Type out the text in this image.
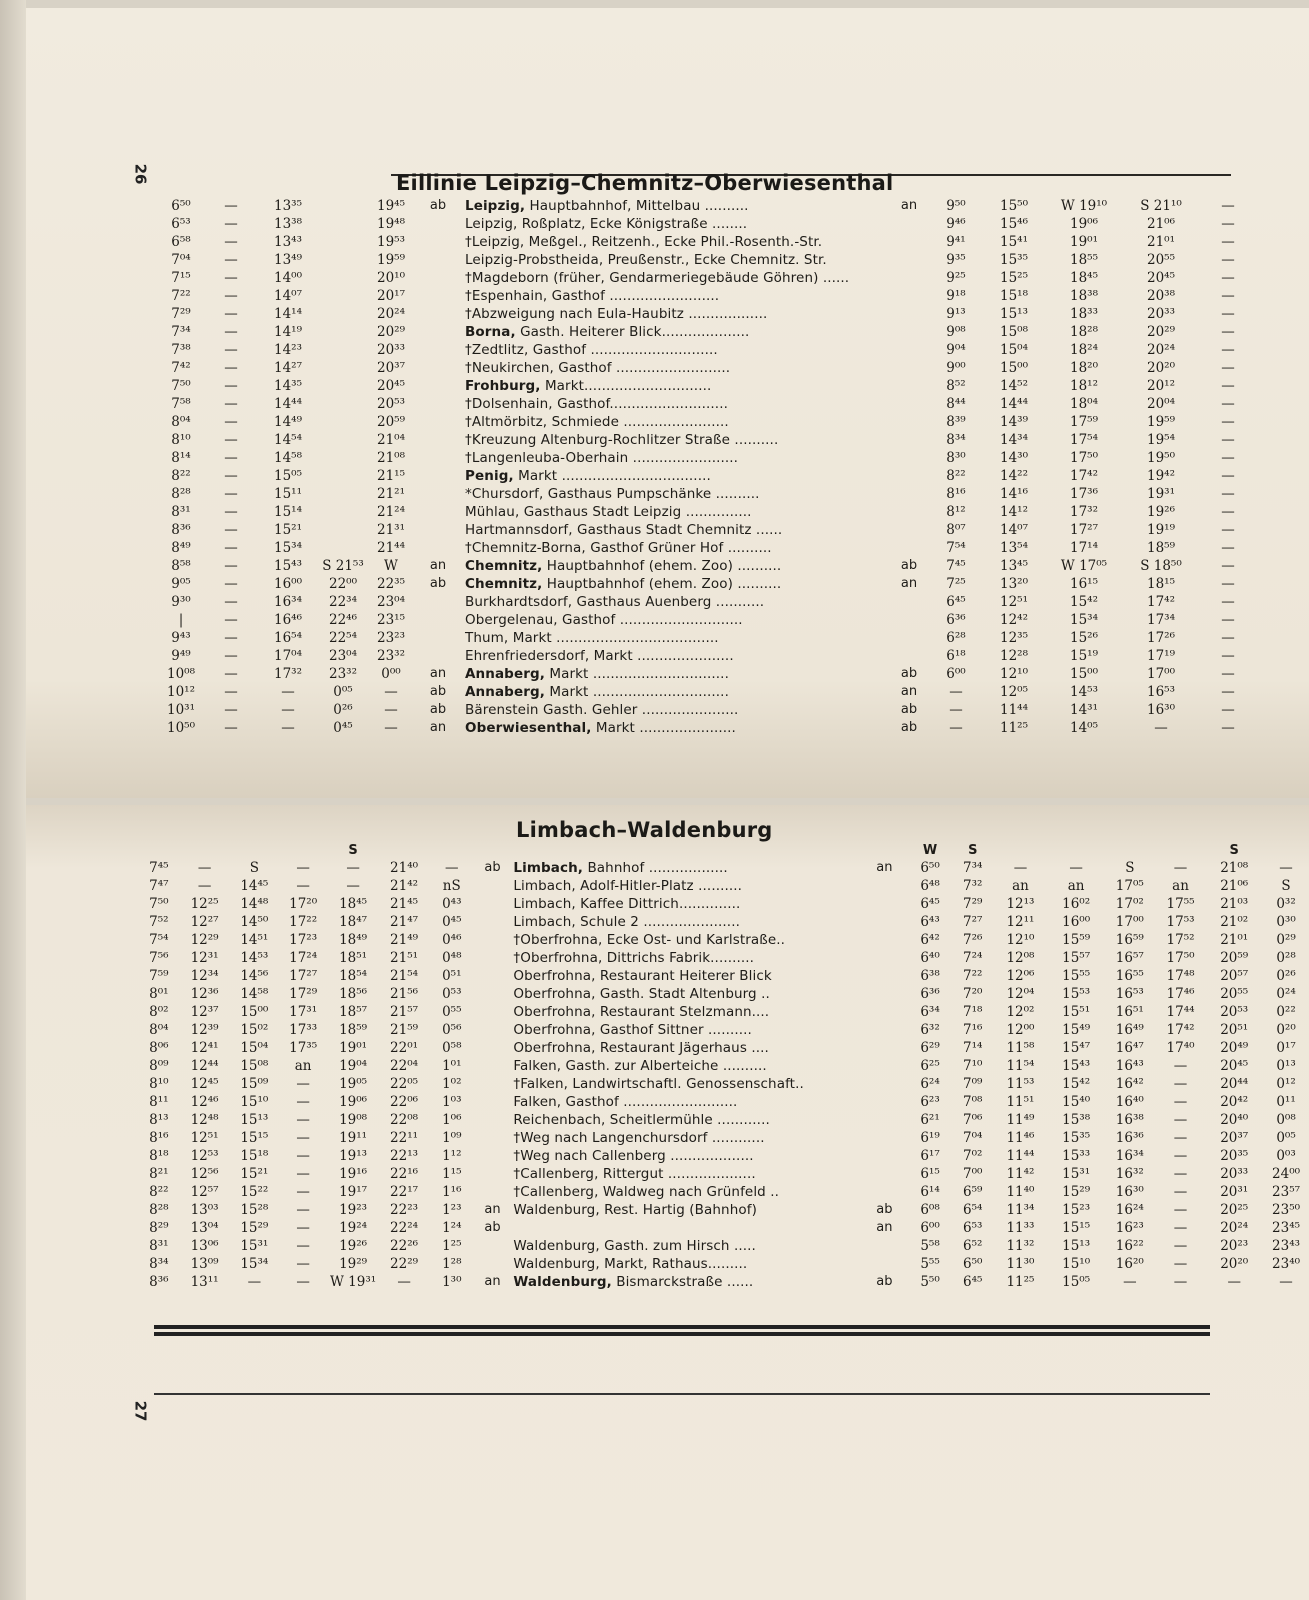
26	Eillinie Leipzig–Chemnitz–Oberwiesenthal
6⁵⁰	—	13³⁵		19⁴⁵	ab	Leipzig, Hauptbahnhof, Mittelbau ..........	an	9⁵⁰	15⁵⁰	W 19¹⁰	S 21¹⁰	—
6⁵³	—	13³⁸		19⁴⁸		Leipzig, Roßplatz, Ecke Königstraße ........		9⁴⁶	15⁴⁶	19⁰⁶	21⁰⁶	—
6⁵⁸	—	13⁴³		19⁵³		†Leipzig, Meßgel., Reitzenh., Ecke Phil.-Rosenth.-Str.		9⁴¹	15⁴¹	19⁰¹	21⁰¹	—
7⁰⁴	—	13⁴⁹		19⁵⁹		Leipzig-Probstheida, Preußenstr., Ecke Chemnitz. Str.		9³⁵	15³⁵	18⁵⁵	20⁵⁵	—
7¹⁵	—	14⁰⁰		20¹⁰		†Magdeborn (früher, Gendarmeriegebäude Göhren) ......		9²⁵	15²⁵	18⁴⁵	20⁴⁵	—
7²²	—	14⁰⁷		20¹⁷		†Espenhain, Gasthof .........................		9¹⁸	15¹⁸	18³⁸	20³⁸	—
7²⁹	—	14¹⁴		20²⁴		†Abzweigung nach Eula-Haubitz ..................		9¹³	15¹³	18³³	20³³	—
7³⁴	—	14¹⁹		20²⁹		Borna, Gasth. Heiterer Blick....................		9⁰⁸	15⁰⁸	18²⁸	20²⁹	—
7³⁸	—	14²³		20³³		†Zedtlitz, Gasthof .............................		9⁰⁴	15⁰⁴	18²⁴	20²⁴	—
7⁴²	—	14²⁷		20³⁷		†Neukirchen, Gasthof ..........................		9⁰⁰	15⁰⁰	18²⁰	20²⁰	—
7⁵⁰	—	14³⁵		20⁴⁵		Frohburg, Markt.............................		8⁵²	14⁵²	18¹²	20¹²	—
7⁵⁸	—	14⁴⁴		20⁵³		†Dolsenhain, Gasthof...........................		8⁴⁴	14⁴⁴	18⁰⁴	20⁰⁴	—
8⁰⁴	—	14⁴⁹		20⁵⁹		†Altmörbitz, Schmiede ........................		8³⁹	14³⁹	17⁵⁹	19⁵⁹	—
8¹⁰	—	14⁵⁴		21⁰⁴		†Kreuzung Altenburg-Rochlitzer Straße ..........		8³⁴	14³⁴	17⁵⁴	19⁵⁴	—
8¹⁴	—	14⁵⁸		21⁰⁸		†Langenleuba-Oberhain ........................		8³⁰	14³⁰	17⁵⁰	19⁵⁰	—
8²²	—	15⁰⁵		21¹⁵		Penig, Markt ..................................		8²²	14²²	17⁴²	19⁴²	—
8²⁸	—	15¹¹		21²¹		*Chursdorf, Gasthaus Pumpschänke ..........		8¹⁶	14¹⁶	17³⁶	19³¹	—
8³¹	—	15¹⁴		21²⁴		Mühlau, Gasthaus Stadt Leipzig ...............		8¹²	14¹²	17³²	19²⁶	—
8³⁶	—	15²¹		21³¹		Hartmannsdorf, Gasthaus Stadt Chemnitz ......		8⁰⁷	14⁰⁷	17²⁷	19¹⁹	—
8⁴⁹	—	15³⁴		21⁴⁴		†Chemnitz-Borna, Gasthof Grüner Hof ..........		7⁵⁴	13⁵⁴	17¹⁴	18⁵⁹	—
8⁵⁸	—	15⁴³	S 21⁵³	W	an	Chemnitz, Hauptbahnhof (ehem. Zoo) ..........	ab	7⁴⁵	13⁴⁵	W 17⁰⁵	S 18⁵⁰	—
9⁰⁵	—	16⁰⁰	22⁰⁰	22³⁵	ab	Chemnitz, Hauptbahnhof (ehem. Zoo) ..........	an	7²⁵	13²⁰	16¹⁵	18¹⁵	—
9³⁰	—	16³⁴	22³⁴	23⁰⁴		Burkhardtsdorf, Gasthaus Auenberg ...........		6⁴⁵	12⁵¹	15⁴²	17⁴²	—
|	—	16⁴⁶	22⁴⁶	23¹⁵		Obergelenau, Gasthof ............................		6³⁶	12⁴²	15³⁴	17³⁴	—
9⁴³	—	16⁵⁴	22⁵⁴	23²³		Thum, Markt .....................................		6²⁸	12³⁵	15²⁶	17²⁶	—
9⁴⁹	—	17⁰⁴	23⁰⁴	23³²		Ehrenfriedersdorf, Markt ......................		6¹⁸	12²⁸	15¹⁹	17¹⁹	—
10⁰⁸	—	17³²	23³²	0⁰⁰	an	Annaberg, Markt ...............................	ab	6⁰⁰	12¹⁰	15⁰⁰	17⁰⁰	—
10¹²	—	—	0⁰⁵	—	ab	Annaberg, Markt ...............................	an	—	12⁰⁵	14⁵³	16⁵³	—
10³¹	—	—	0²⁶	—	ab	Bärenstein Gasth. Gehler ......................	ab	—	11⁴⁴	14³¹	16³⁰	—
10⁵⁰	—	—	0⁴⁵	—	an	Oberwiesenthal, Markt ......................	ab	—	11²⁵	14⁰⁵	—	—
Limbach–Waldenburg
				S						W	S					S	
7⁴⁵	—	S	—	—	21⁴⁰	—	ab	Limbach, Bahnhof ..................	an	6⁵⁰	7³⁴	—	—	S	—	21⁰⁸	—
7⁴⁷	—	14⁴⁵	—	—	21⁴²	nS		Limbach, Adolf-Hitler-Platz ..........		6⁴⁸	7³²	an	an	17⁰⁵	an	21⁰⁶	S
7⁵⁰	12²⁵	14⁴⁸	17²⁰	18⁴⁵	21⁴⁵	0⁴³		Limbach, Kaffee Dittrich..............		6⁴⁵	7²⁹	12¹³	16⁰²	17⁰²	17⁵⁵	21⁰³	0³²
7⁵²	12²⁷	14⁵⁰	17²²	18⁴⁷	21⁴⁷	0⁴⁵		Limbach, Schule 2 ......................		6⁴³	7²⁷	12¹¹	16⁰⁰	17⁰⁰	17⁵³	21⁰²	0³⁰
7⁵⁴	12²⁹	14⁵¹	17²³	18⁴⁹	21⁴⁹	0⁴⁶		†Oberfrohna, Ecke Ost- und Karlstraße..		6⁴²	7²⁶	12¹⁰	15⁵⁹	16⁵⁹	17⁵²	21⁰¹	0²⁹
7⁵⁶	12³¹	14⁵³	17²⁴	18⁵¹	21⁵¹	0⁴⁸		†Oberfrohna, Dittrichs Fabrik..........		6⁴⁰	7²⁴	12⁰⁸	15⁵⁷	16⁵⁷	17⁵⁰	20⁵⁹	0²⁸
7⁵⁹	12³⁴	14⁵⁶	17²⁷	18⁵⁴	21⁵⁴	0⁵¹		Oberfrohna, Restaurant Heiterer Blick		6³⁸	7²²	12⁰⁶	15⁵⁵	16⁵⁵	17⁴⁸	20⁵⁷	0²⁶
8⁰¹	12³⁶	14⁵⁸	17²⁹	18⁵⁶	21⁵⁶	0⁵³		Oberfrohna, Gasth. Stadt Altenburg ..		6³⁶	7²⁰	12⁰⁴	15⁵³	16⁵³	17⁴⁶	20⁵⁵	0²⁴
8⁰²	12³⁷	15⁰⁰	17³¹	18⁵⁷	21⁵⁷	0⁵⁵		Oberfrohna, Restaurant Stelzmann....		6³⁴	7¹⁸	12⁰²	15⁵¹	16⁵¹	17⁴⁴	20⁵³	0²²
8⁰⁴	12³⁹	15⁰²	17³³	18⁵⁹	21⁵⁹	0⁵⁶		Oberfrohna, Gasthof Sittner ..........		6³²	7¹⁶	12⁰⁰	15⁴⁹	16⁴⁹	17⁴²	20⁵¹	0²⁰
8⁰⁶	12⁴¹	15⁰⁴	17³⁵	19⁰¹	22⁰¹	0⁵⁸		Oberfrohna, Restaurant Jägerhaus ....		6²⁹	7¹⁴	11⁵⁸	15⁴⁷	16⁴⁷	17⁴⁰	20⁴⁹	0¹⁷
8⁰⁹	12⁴⁴	15⁰⁸	an	19⁰⁴	22⁰⁴	1⁰¹		Falken, Gasth. zur Alberteiche ..........		6²⁵	7¹⁰	11⁵⁴	15⁴³	16⁴³	—	20⁴⁵	0¹³
8¹⁰	12⁴⁵	15⁰⁹	—	19⁰⁵	22⁰⁵	1⁰²		†Falken, Landwirtschaftl. Genossenschaft..		6²⁴	7⁰⁹	11⁵³	15⁴²	16⁴²	—	20⁴⁴	0¹²
8¹¹	12⁴⁶	15¹⁰	—	19⁰⁶	22⁰⁶	1⁰³		Falken, Gasthof ..........................		6²³	7⁰⁸	11⁵¹	15⁴⁰	16⁴⁰	—	20⁴²	0¹¹
8¹³	12⁴⁸	15¹³	—	19⁰⁸	22⁰⁸	1⁰⁶		Reichenbach, Scheitlermühle ............		6²¹	7⁰⁶	11⁴⁹	15³⁸	16³⁸	—	20⁴⁰	0⁰⁸
8¹⁶	12⁵¹	15¹⁵	—	19¹¹	22¹¹	1⁰⁹		†Weg nach Langenchursdorf ............		6¹⁹	7⁰⁴	11⁴⁶	15³⁵	16³⁶	—	20³⁷	0⁰⁵
8¹⁸	12⁵³	15¹⁸	—	19¹³	22¹³	1¹²		†Weg nach Callenberg ...................		6¹⁷	7⁰²	11⁴⁴	15³³	16³⁴	—	20³⁵	0⁰³
8²¹	12⁵⁶	15²¹	—	19¹⁶	22¹⁶	1¹⁵		†Callenberg, Rittergut ....................		6¹⁵	7⁰⁰	11⁴²	15³¹	16³²	—	20³³	24⁰⁰
8²²	12⁵⁷	15²²	—	19¹⁷	22¹⁷	1¹⁶		†Callenberg, Waldweg nach Grünfeld ..		6¹⁴	6⁵⁹	11⁴⁰	15²⁹	16³⁰	—	20³¹	23⁵⁷
8²⁸	13⁰³	15²⁸	—	19²³	22²³	1²³	an	Waldenburg, Rest. Hartig (Bahnhof)	ab	6⁰⁸	6⁵⁴	11³⁴	15²³	16²⁴	—	20²⁵	23⁵⁰
8²⁹	13⁰⁴	15²⁹	—	19²⁴	22²⁴	1²⁴	ab		an	6⁰⁰	6⁵³	11³³	15¹⁵	16²³	—	20²⁴	23⁴⁵
8³¹	13⁰⁶	15³¹	—	19²⁶	22²⁶	1²⁵		Waldenburg, Gasth. zum Hirsch .....		5⁵⁸	6⁵²	11³²	15¹³	16²²	—	20²³	23⁴³
8³⁴	13⁰⁹	15³⁴	—	19²⁹	22²⁹	1²⁸		Waldenburg, Markt, Rathaus.........		5⁵⁵	6⁵⁰	11³⁰	15¹⁰	16²⁰	—	20²⁰	23⁴⁰
8³⁶	13¹¹	—	—	W 19³¹	—	1³⁰	an	Waldenburg, Bismarckstraße ......	ab	5⁵⁰	6⁴⁵	11²⁵	15⁰⁵	—	—	—	—
27
